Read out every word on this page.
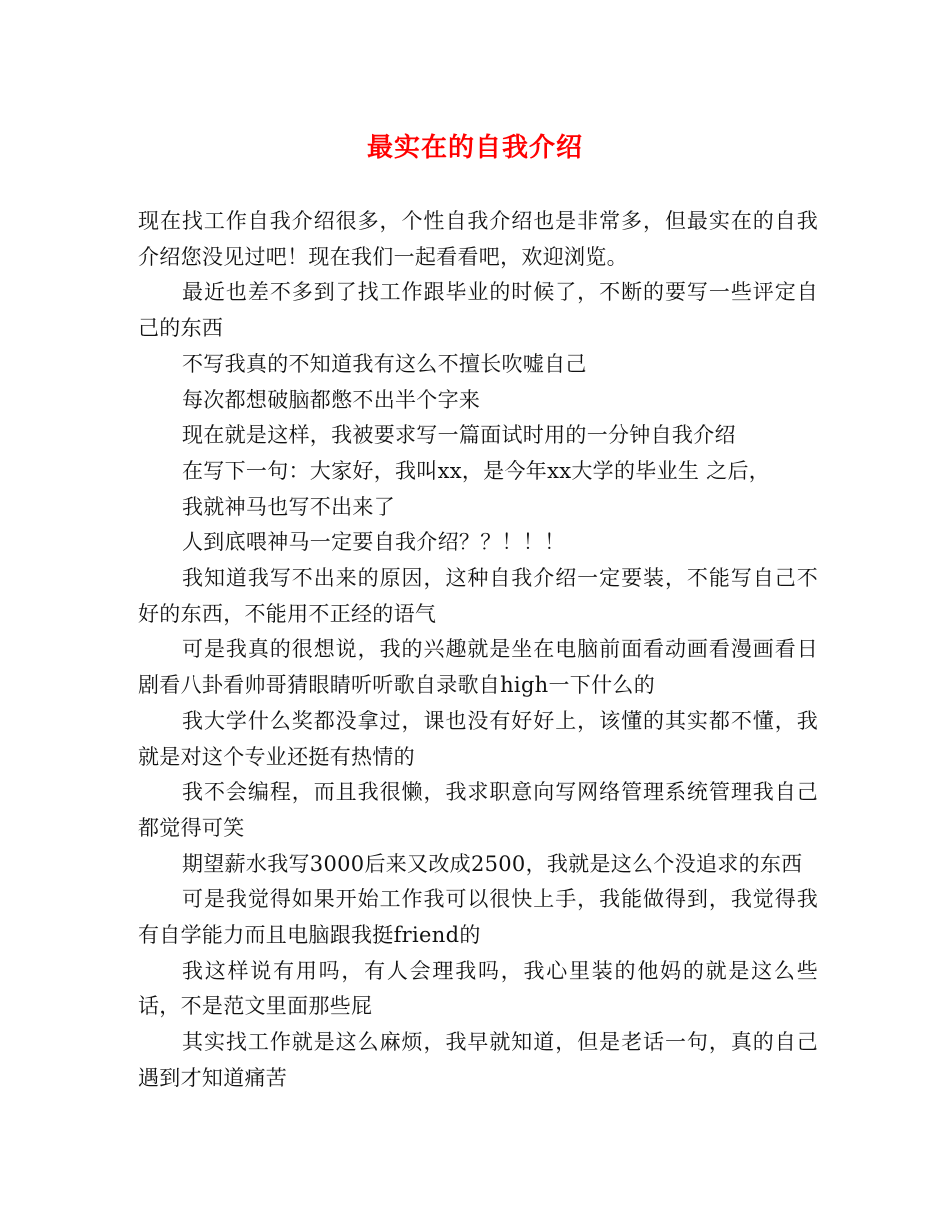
最实在的自我介绍

现在找工作自我介绍很多，个性自我介绍也是非常多，但最实在的自我介绍您没见过吧！现在我们一起看看吧，欢迎浏览。

最近也差不多到了找工作跟毕业的时候了，不断的要写一些评定自己的东西

不写我真的不知道我有这么不擅长吹嘘自己

每次都想破脑都憋不出半个字来

现在就是这样，我被要求写一篇面试时用的一分钟自我介绍

在写下一句：大家好，我叫xx，是今年xx大学的毕业生 之后，

我就神马也写不出来了

人到底喂神马一定要自我介绍？？！！！

我知道我写不出来的原因，这种自我介绍一定要装，不能写自己不好的东西，不能用不正经的语气

可是我真的很想说，我的兴趣就是坐在电脑前面看动画看漫画看日剧看八卦看帅哥猜眼睛听听歌自录歌自high一下什么的

我大学什么奖都没拿过，课也没有好好上，该懂的其实都不懂，我就是对这个专业还挺有热情的

我不会编程，而且我很懒，我求职意向写网络管理系统管理我自己都觉得可笑

期望薪水我写3000后来又改成2500，我就是这么个没追求的东西

可是我觉得如果开始工作我可以很快上手，我能做得到，我觉得我有自学能力而且电脑跟我挺friend的

我这样说有用吗，有人会理我吗，我心里装的他妈的就是这么些话，不是范文里面那些屁

其实找工作就是这么麻烦，我早就知道，但是老话一句，真的自己遇到才知道痛苦
